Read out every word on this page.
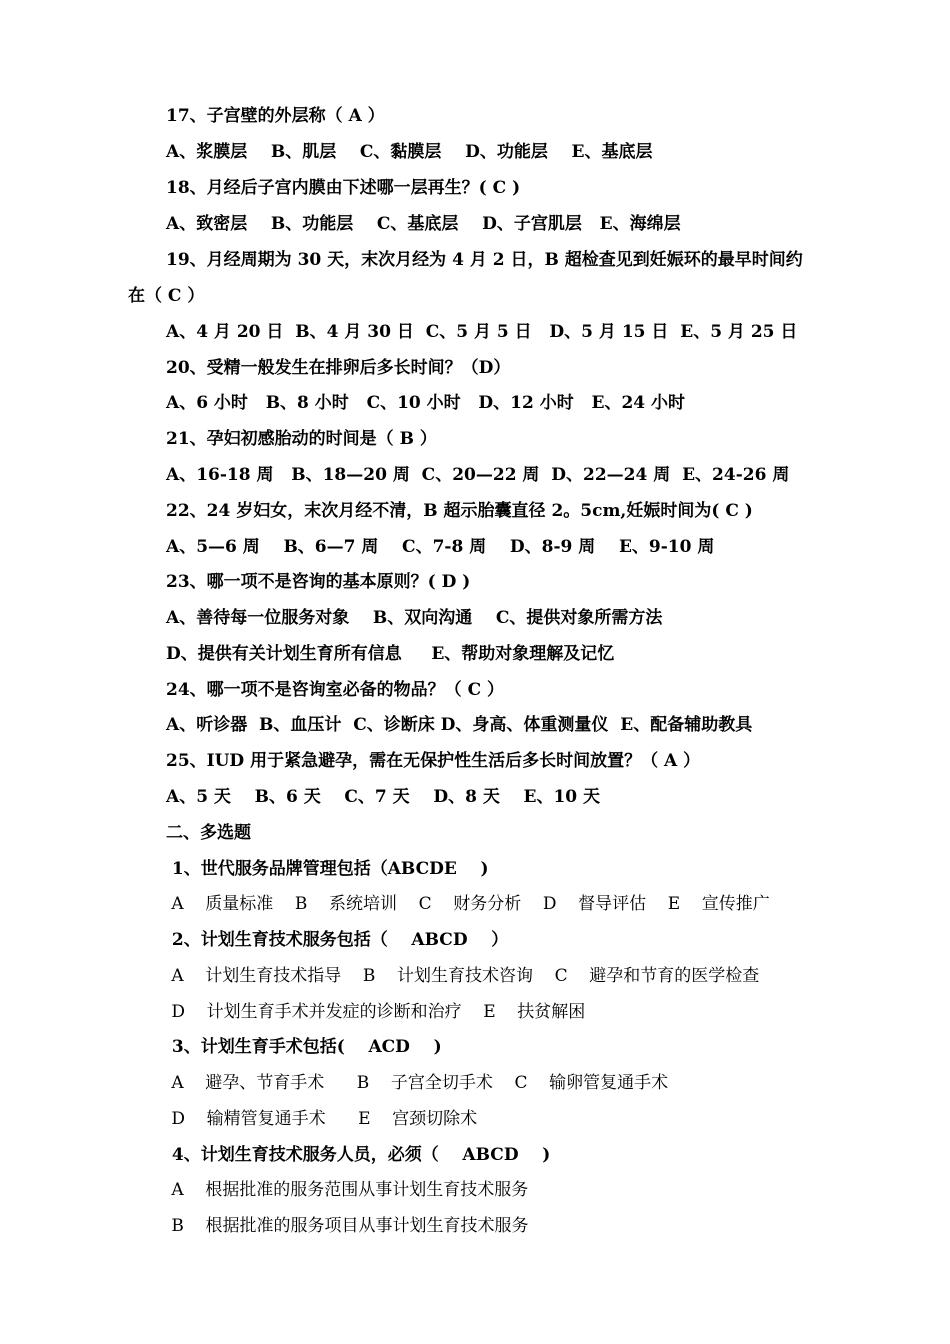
17、子宫壁的外层称（ A ）
A、浆膜层    B、肌层    C、黏膜层    D、功能层    E、基底层
18、月经后子宫内膜由下述哪一层再生？( C )
A、致密层    B、功能层    C、基底层    D、子宫肌层   E、海绵层
19、月经周期为 30 天，末次月经为 4 月 2 日，B 超检查见到妊娠环的最早时间约
在（ C ）
A、4 月 20 日  B、4 月 30 日  C、5 月 5 日   D、5 月 15 日  E、5 月 25 日
20、受精一般发生在排卵后多长时间？（D）
A、6 小时   B、8 小时   C、10 小时   D、12 小时   E、24 小时
21、孕妇初感胎动的时间是（ B ）
A、16-18 周   B、18—20 周  C、20—22 周  D、22—24 周  E、24-26 周
22、24 岁妇女，末次月经不清，B 超示胎囊直径 2。5cm,妊娠时间为( C )
A、5—6 周    B、6—7 周    C、7-8 周    D、8-9 周    E、9-10 周
23、哪一项不是咨询的基本原则？( D )
A、善待每一位服务对象    B、双向沟通    C、提供对象所需方法
D、提供有关计划生育所有信息     E、帮助对象理解及记忆
24、哪一项不是咨询室必备的物品？（ C ）
A、听诊器  B、血压计  C、诊断床 D、身高、体重测量仪  E、配备辅助教具
25、IUD 用于紧急避孕，需在无保护性生活后多长时间放置？（ A ）
A、5 天    B、6 天    C、7 天    D、8 天    E、10 天
二、多选题
1、世代服务品牌管理包括（ABCDE    )
A    质量标准    B    系统培训    C    财务分析    D    督导评估    E    宣传推广
2、计划生育技术服务包括（    ABCD    ）
A    计划生育技术指导    B    计划生育技术咨询    C    避孕和节育的医学检查
D    计划生育手术并发症的诊断和治疗    E    扶贫解困
3、计划生育手术包括(    ACD    )
A    避孕、节育手术      B    子宫全切手术    C    输卵管复通手术
D    输精管复通手术      E    宫颈切除术
4、计划生育技术服务人员，必须（    ABCD    )
A    根据批准的服务范围从事计划生育技术服务
B    根据批准的服务项目从事计划生育技术服务
